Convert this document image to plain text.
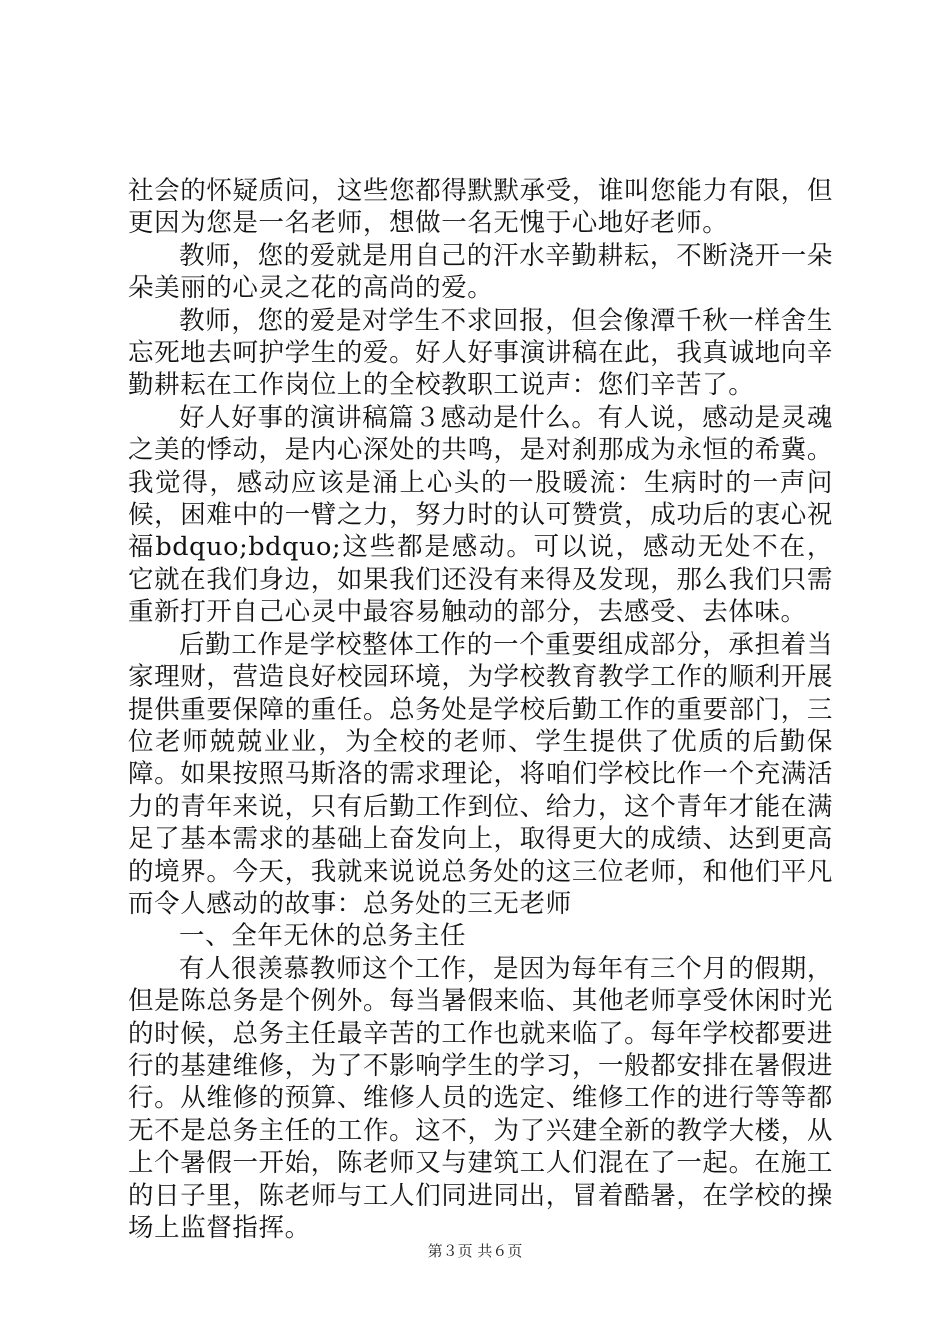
社会的怀疑质问，这些您都得默默承受，谁叫您能力有限，但更因为您是一名老师，想做一名无愧于心地好老师。

教师，您的爱就是用自己的汗水辛勤耕耘，不断浇开一朵朵美丽的心灵之花的高尚的爱。

教师，您的爱是对学生不求回报，但会像潭千秋一样舍生忘死地去呵护学生的爱。好人好事演讲稿在此，我真诚地向辛勤耕耘在工作岗位上的全校教职工说声：您们辛苦了。

好人好事的演讲稿篇３感动是什么。有人说，感动是灵魂之美的悸动，是内心深处的共鸣，是对刹那成为永恒的希冀。我觉得，感动应该是涌上心头的一股暖流：生病时的一声问候，困难中的一臂之力，努力时的认可赞赏，成功后的衷心祝福bdquo;bdquo;这些都是感动。可以说，感动无处不在，它就在我们身边，如果我们还没有来得及发现，那么我们只需重新打开自己心灵中最容易触动的部分，去感受、去体味。

后勤工作是学校整体工作的一个重要组成部分，承担着当家理财，营造良好校园环境，为学校教育教学工作的顺利开展提供重要保障的重任。总务处是学校后勤工作的重要部门，三位老师兢兢业业，为全校的老师、学生提供了优质的后勤保障。如果按照马斯洛的需求理论，将咱们学校比作一个充满活力的青年来说，只有后勤工作到位、给力，这个青年才能在满足了基本需求的基础上奋发向上，取得更大的成绩、达到更高的境界。今天，我就来说说总务处的这三位老师，和他们平凡而令人感动的故事：总务处的三无老师

一、全年无休的总务主任

有人很羡慕教师这个工作，是因为每年有三个月的假期，但是陈总务是个例外。每当暑假来临、其他老师享受休闲时光的时候，总务主任最辛苦的工作也就来临了。每年学校都要进行的基建维修，为了不影响学生的学习，一般都安排在暑假进行。从维修的预算、维修人员的选定、维修工作的进行等等都无不是总务主任的工作。这不，为了兴建全新的教学大楼，从上个暑假一开始，陈老师又与建筑工人们混在了一起。在施工的日子里，陈老师与工人们同进同出，冒着酷暑，在学校的操场上监督指挥。

第３页 共６页
